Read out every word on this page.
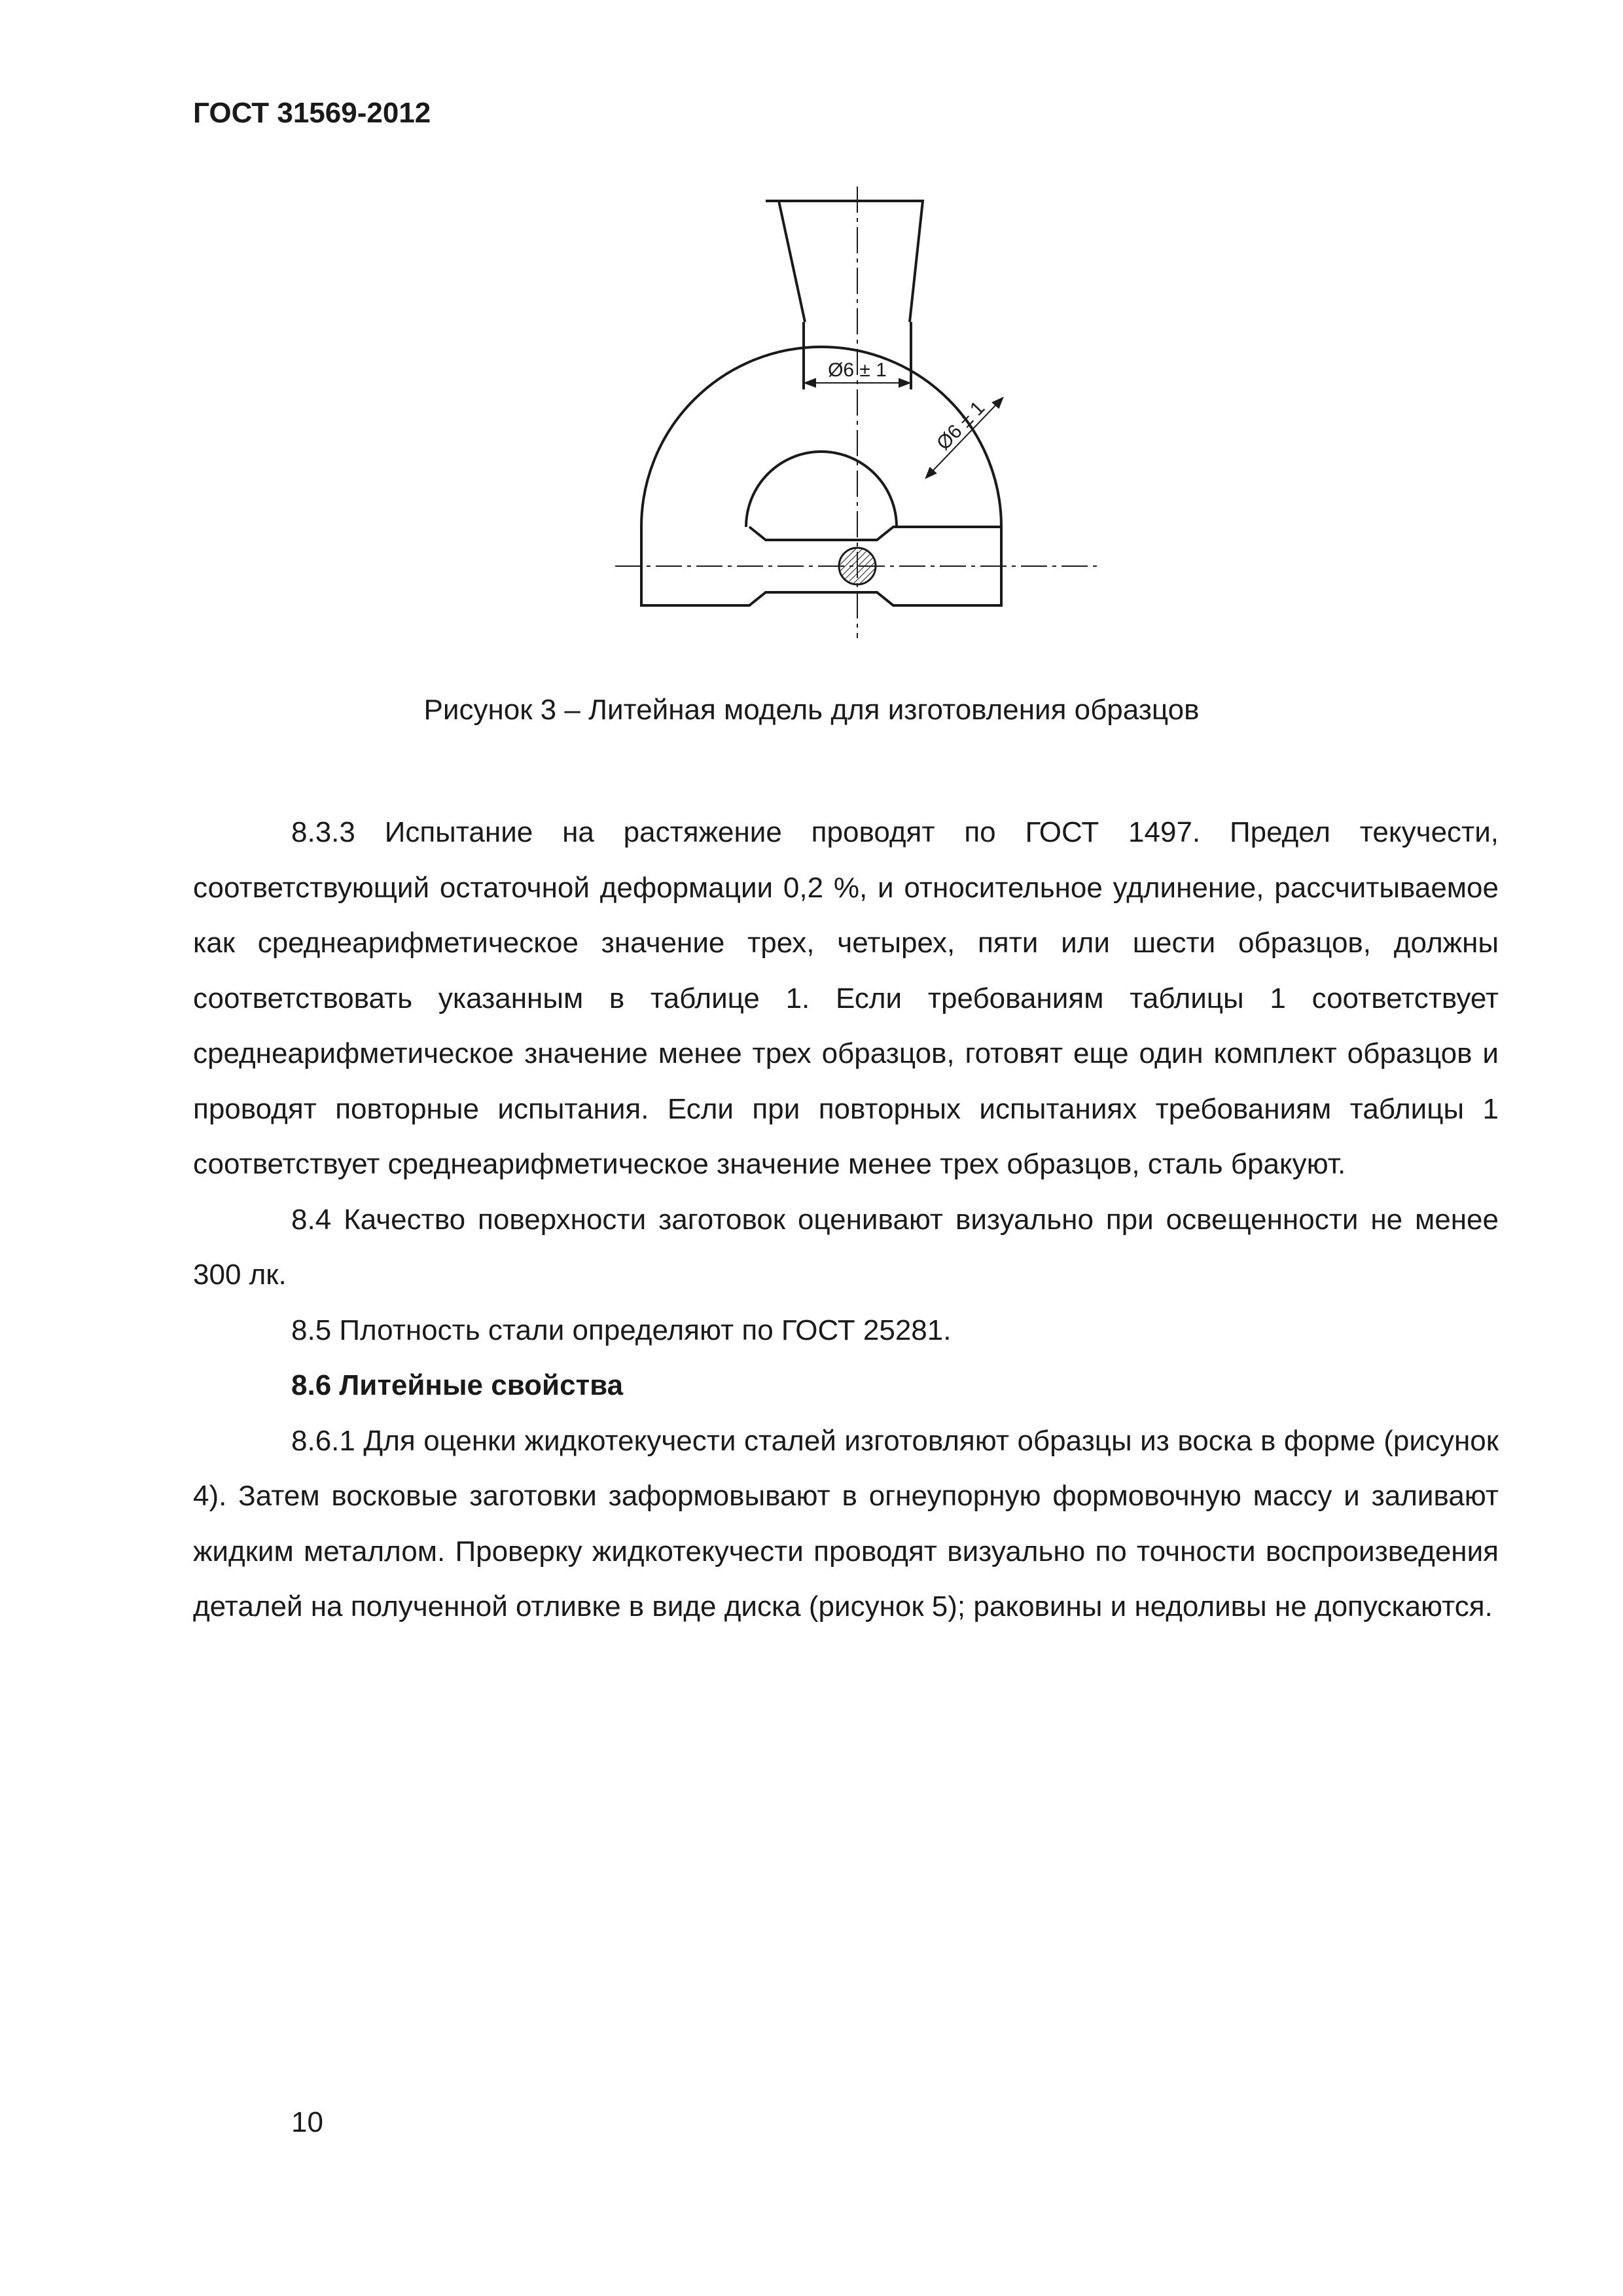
ГОСТ 31569-2012
Ø6 ± 1
Ø6 ± 1
Рисунок 3 – Литейная модель для изготовления образцов

8.3.3 Испытание на растяжение проводят по ГОСТ 1497. Предел текучести, соответствующий остаточной деформации 0,2 %, и относительное удлинение, рассчитываемое как среднеарифметическое значение трех, четырех, пяти или шести образцов, должны соответствовать указанным в таблице 1. Если требованиям таблицы 1 соответствует среднеарифметическое значение менее трех образцов, готовят еще один комплект образцов и проводят повторные испытания. Если при повторных испытаниях требованиям таблицы 1 соответствует среднеарифметическое значение менее трех образцов, сталь бракуют.

8.4 Качество поверхности заготовок оценивают визуально при освещенности не менее 300 лк.

8.5 Плотность стали определяют по ГОСТ 25281.

8.6 Литейные свойства

8.6.1 Для оценки жидкотекучести сталей изготовляют образцы из воска в форме (рисунок 4). Затем восковые заготовки заформовывают в огнеупорную формовочную массу и заливают жидким металлом. Проверку жидкотекучести проводят визуально по точности воспроизведения деталей на полученной отливке в виде диска (рисунок 5); раковины и недоливы не допускаются.

10
